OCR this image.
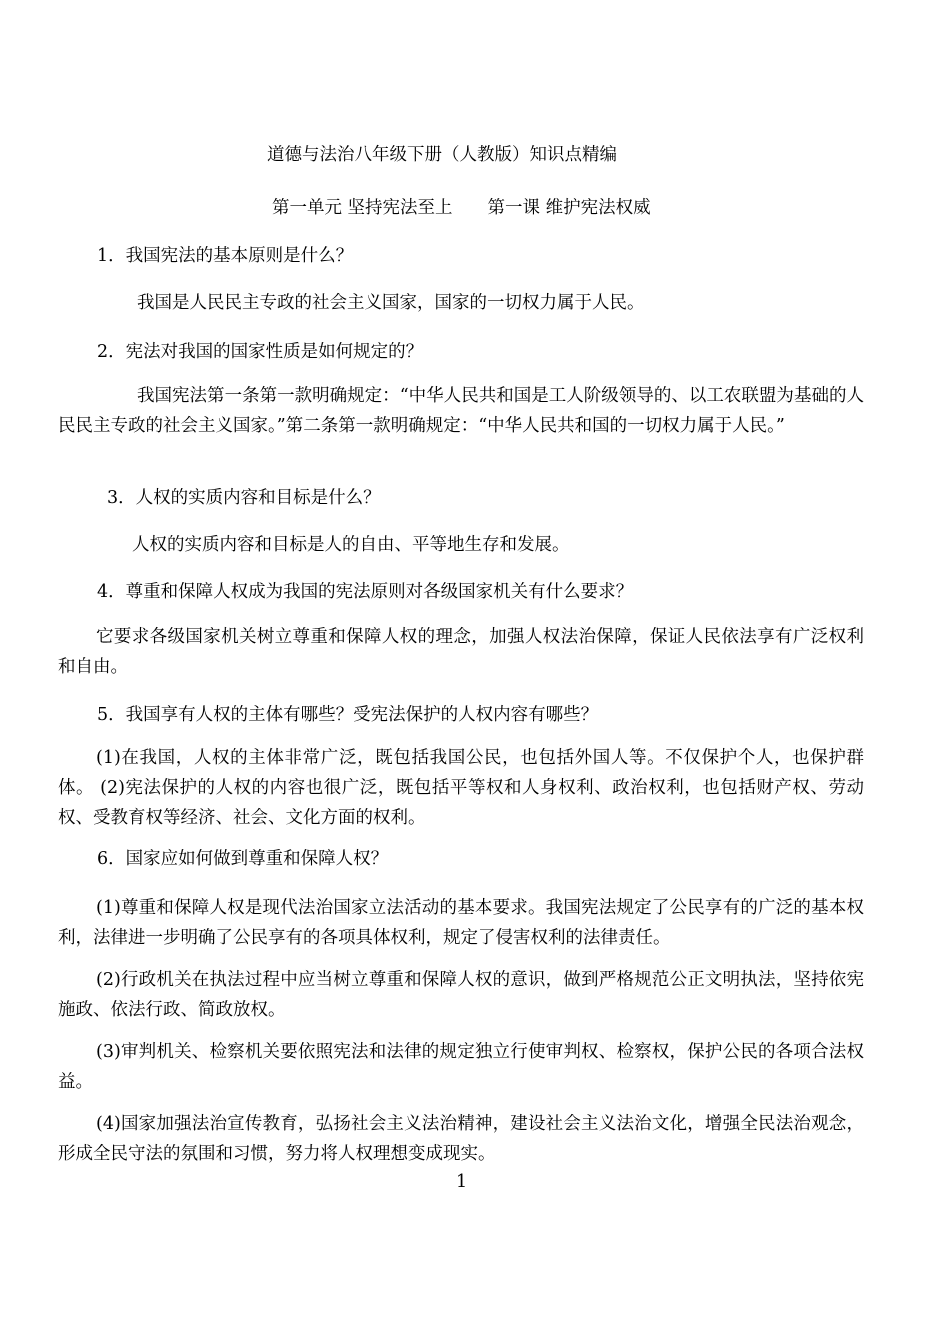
道德与法治八年级下册（人教版）知识点精编

第一单元 坚持宪法至上　　第一课 维护宪法权威

1．我国宪法的基本原则是什么？

我国是人民民主专政的社会主义国家，国家的一切权力属于人民。

2．宪法对我国的国家性质是如何规定的？

我国宪法第一条第一款明确规定：“中华人民共和国是工人阶级领导的、以工农联盟为基础的人民民主专政的社会主义国家。”第二条第一款明确规定：“中华人民共和国的一切权力属于人民。”

3．人权的实质内容和目标是什么？

人权的实质内容和目标是人的自由、平等地生存和发展。

4．尊重和保障人权成为我国的宪法原则对各级国家机关有什么要求？

它要求各级国家机关树立尊重和保障人权的理念，加强人权法治保障，保证人民依法享有广泛权利和自由。

5．我国享有人权的主体有哪些？受宪法保护的人权内容有哪些？

(1)在我国，人权的主体非常广泛，既包括我国公民，也包括外国人等。不仅保护个人，也保护群体。 (2)宪法保护的人权的内容也很广泛，既包括平等权和人身权利、政治权利，也包括财产权、劳动权、受教育权等经济、社会、文化方面的权利。

6．国家应如何做到尊重和保障人权？

(1)尊重和保障人权是现代法治国家立法活动的基本要求。我国宪法规定了公民享有的广泛的基本权利，法律进一步明确了公民享有的各项具体权利，规定了侵害权利的法律责任。

(2)行政机关在执法过程中应当树立尊重和保障人权的意识，做到严格规范公正文明执法，坚持依宪施政、依法行政、简政放权。

(3)审判机关、检察机关要依照宪法和法律的规定独立行使审判权、检察权，保护公民的各项合法权益。

(4)国家加强法治宣传教育，弘扬社会主义法治精神，建设社会主义法治文化，增强全民法治观念，形成全民守法的氛围和习惯，努力将人权理想变成现实。

1
